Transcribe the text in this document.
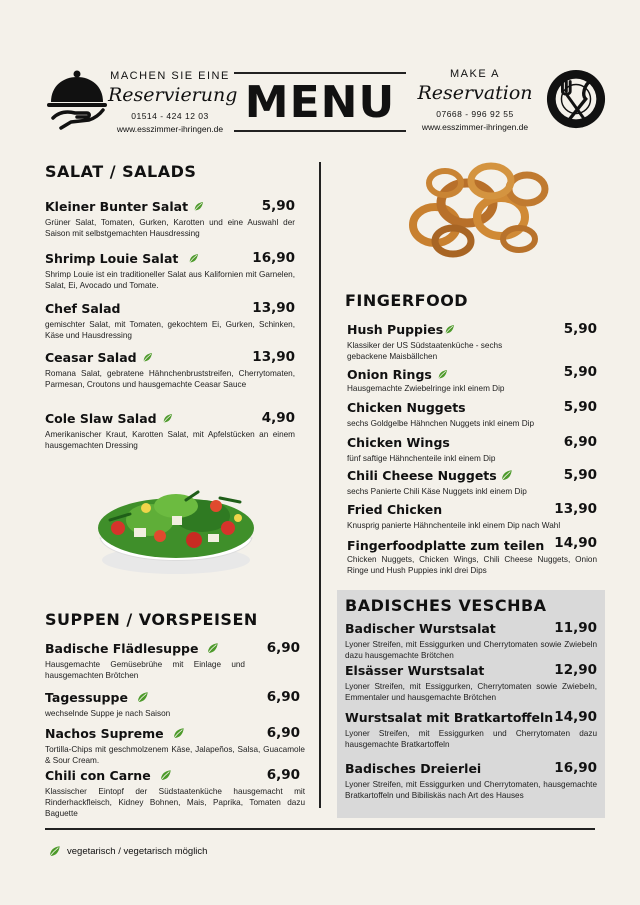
MACHEN SIE EINE
Reservierung
01514 - 424 12 03
www.esszimmer-ihringen.de
MENU
MAKE A
Reservation
07668 - 996 92 55
www.esszimmer-ihringen.de
SALAT / SALADS
Kleiner Bunter Salat	5,90
Grüner Salat, Tomaten, Gurken, Karotten und eine Auswahl der Saison mit selbstgemachten Hausdressing
Shrimp Louie Salat	16,90
Shrimp Louie ist ein traditioneller Salat aus Kalifornien mit Garnelen, Salat, Ei, Avocado und Tomate.
Chef Salad	13,90
gemischter Salat, mit Tomaten, gekochtem Ei, Gurken, Schinken, Käse und Hausdressing
Ceasar Salad	13,90
Romana Salat, gebratene Hähnchenbruststreifen, Cherrytomaten, Parmesan, Croutons und hausgemachte Ceasar Sauce
Cole Slaw Salad	4,90
Amerikanischer Kraut, Karotten Salat, mit Apfelstücken an einem hausgemachten Dressing
SUPPEN / VORSPEISEN
Badische Flädlesuppe	6,90
Hausgemachte Gemüsebrühe mit Einlage und hausgemachten Brötchen
Tagessuppe	6,90
wechselnde Suppe je nach Saison
Nachos Supreme	6,90
Tortilla-Chips mit geschmolzenem Käse, Jalapeños, Salsa, Guacamole & Sour Cream.
Chili con Carne	6,90
Klassischer Eintopf der Südstaatenküche hausgemacht mit Rinderhackfleisch, Kidney Bohnen, Mais, Paprika, Tomaten dazu Baguette
FINGERFOOD
Hush Puppies	5,90
Klassiker der US Südstaatenküche - sechs gebackene Maisbällchen
Onion Rings	5,90
Hausgemachte Zwiebelringe inkl einem Dip
Chicken Nuggets	5,90
sechs Goldgelbe Hähnchen Nuggets inkl einem Dip
Chicken Wings	6,90
fünf saftige Hähnchenteile inkl einem Dip
Chili Cheese Nuggets	5,90
sechs Panierte Chili Käse Nuggets inkl einem Dip
Fried Chicken	13,90
Knusprig panierte Hähnchenteile inkl einem Dip nach Wahl
Fingerfoodplatte zum teilen 14,90
Chicken Nuggets, Chicken Wings, Chili Cheese Nuggets, Onion Ringe und Hush Puppies inkl drei Dips
BADISCHES VESCHBA
Badischer Wurstsalat	11,90
Lyoner Streifen, mit Essiggurken und Cherrytomaten sowie Zwiebeln dazu hausgemachte Brötchen
Elsässer Wurstsalat	12,90
Lyoner Streifen, mit Essiggurken, Cherrytomaten sowie Zwiebeln, Emmentaler und hausgemachte Brötchen
Wurstsalat mit Bratkartoffeln 14,90
Lyoner Streifen, mit Essiggurken und Cherrytomaten dazu hausgemachte Bratkartoffeln
Badisches Dreierlei	16,90
Lyoner Streifen, mit Essiggurken und Cherrytomaten, hausgemachte Bratkartoffeln und Bibiliskäs nach Art des Hauses
vegetarisch / vegetarisch möglich
